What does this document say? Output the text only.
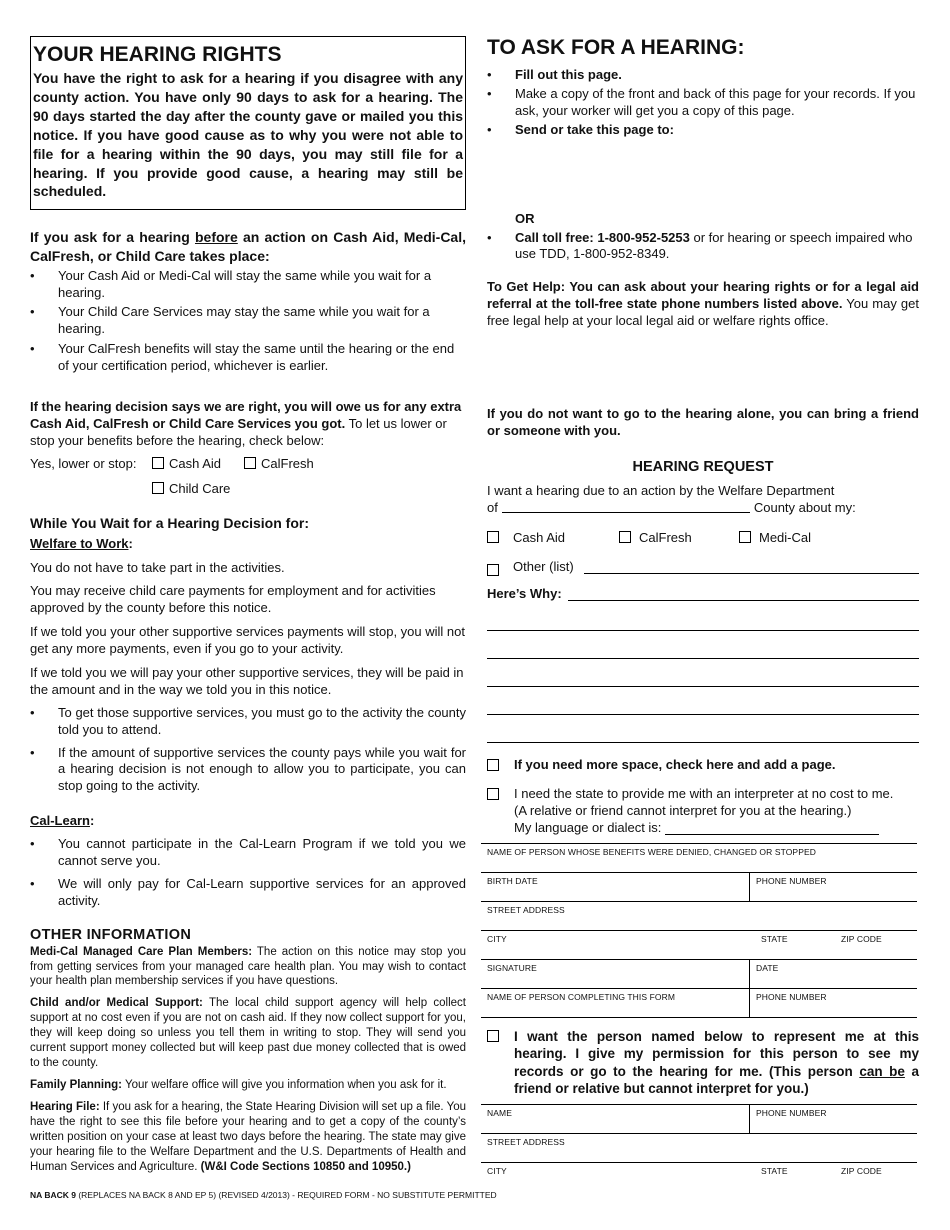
YOUR HEARING RIGHTS
You have the right to ask for a hearing if you disagree with any county action. You have only 90 days to ask for a hearing. The 90 days started the day after the county gave or mailed you this notice. If you have good cause as to why you were not able to file for a hearing within the 90 days, you may still file for a hearing. If you provide good cause, a hearing may still be scheduled.
If you ask for a hearing before an action on Cash Aid, Medi-Cal, CalFresh, or Child Care takes place:
•	Your Cash Aid or Medi-Cal will stay the same while you wait for a hearing.
•	Your Child Care Services may stay the same while you wait for a hearing.
•	Your CalFresh benefits will stay the same until the hearing or the end of your certification period, whichever is earlier.
If the hearing decision says we are right, you will owe us for any extra Cash Aid, CalFresh or Child Care Services you got. To let us lower or stop your benefits before the hearing, check below:
Yes, lower or stop:	Cash Aid	CalFresh
Child Care
While You Wait for a Hearing Decision for:
Welfare to Work:
You do not have to take part in the activities.
You may receive child care payments for employment and for activities approved by the county before this notice.
If we told you your other supportive services payments will stop, you will not get any more payments, even if you go to your activity.
If we told you we will pay your other supportive services, they will be paid in the amount and in the way we told you in this notice.
•	To get those supportive services, you must go to the activity the county told you to attend.
•	If the amount of supportive services the county pays while you wait for a hearing decision is not enough to allow you to participate, you can stop going to the activity.
Cal-Learn:
•	You cannot participate in the Cal-Learn Program if we told you we cannot serve you.
•	We will only pay for Cal-Learn supportive services for an approved activity.
OTHER INFORMATION
Medi-Cal Managed Care Plan Members: The action on this notice may stop you from getting services from your managed care health plan. You may wish to contact your health plan membership services if you have questions.
Child and/or Medical Support: The local child support agency will help collect support at no cost even if you are not on cash aid. If they now collect support for you, they will keep doing so unless you tell them in writing to stop. They will send you current support money collected but will keep past due money collected that is owed to the county.
Family Planning: Your welfare office will give you information when you ask for it.
Hearing File: If you ask for a hearing, the State Hearing Division will set up a file. You have the right to see this file before your hearing and to get a copy of the county’s written position on your case at least two days before the hearing. The state may give your hearing file to the Welfare Department and the U.S. Departments of Health and Human Services and Agriculture. (W&I Code Sections 10850 and 10950.)
TO ASK FOR A HEARING:
•	Fill out this page.
•	Make a copy of the front and back of this page for your records. If you ask, your worker will get you a copy of this page.
•	Send or take this page to:
OR
•	Call toll free: 1-800-952-5253 or for hearing or speech impaired who use TDD, 1-800-952-8349.
To Get Help: You can ask about your hearing rights or for a legal aid referral at the toll-free state phone numbers listed above. You may get free legal help at your local legal aid or welfare rights office.
If you do not want to go to the hearing alone, you can bring a friend or someone with you.
HEARING REQUEST
I want a hearing due to an action by the Welfare Department
of	County about my:
Cash Aid	CalFresh	Medi-Cal
Other (list)
Here’s Why:
If you need more space, check here and add a page.
I need the state to provide me with an interpreter at no cost to me.
(A relative or friend cannot interpret for you at the hearing.)
My language or dialect is:
NAME OF PERSON WHOSE BENEFITS WERE DENIED, CHANGED OR STOPPED
BIRTH DATE	PHONE NUMBER
STREET ADDRESS
CITY	STATE	ZIP CODE
SIGNATURE	DATE
NAME OF PERSON COMPLETING THIS FORM	PHONE NUMBER
I want the person named below to represent me at this hearing. I give my permission for this person to see my records or go to the hearing for me. (This person can be a friend or relative but cannot interpret for you.)
NAME	PHONE NUMBER
STREET ADDRESS
CITY	STATE	ZIP CODE
NA BACK 9 (REPLACES NA BACK 8 AND EP 5) (REVISED 4/2013) - REQUIRED FORM - NO SUBSTITUTE PERMITTED
